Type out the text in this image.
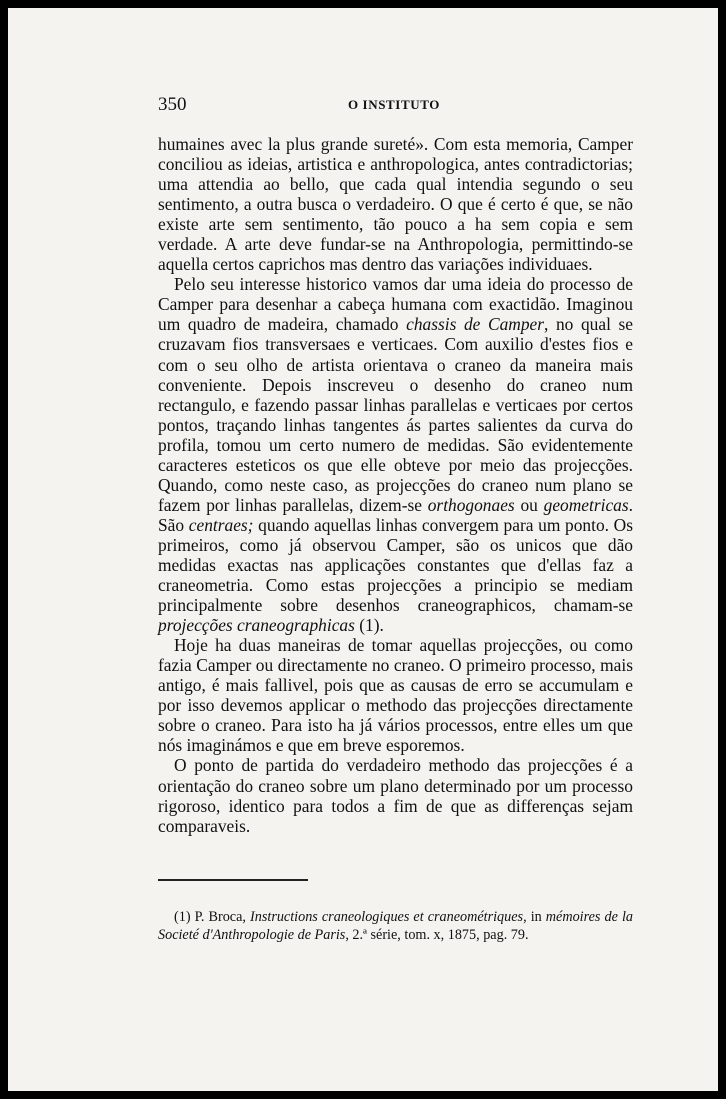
350	O INSTITUTO

humaines avec la plus grande sureté». Com esta memoria, Camper conciliou as ideias, artistica e anthropologica, antes contradictorias; uma attendia ao bello, que cada qual intendia segundo o seu sentimento, a outra busca o verdadeiro. O que é certo é que, se não existe arte sem sentimento, tão pouco a ha sem copia e sem verdade. A arte deve fundar-se na Anthropologia, permittindo-se aquella certos caprichos mas dentro das variações individuaes.

Pelo seu interesse historico vamos dar uma ideia do processo de Camper para desenhar a cabeça humana com exactidão. Imaginou um quadro de madeira, chamado chassis de Camper, no qual se cruzavam fios transversaes e verticaes. Com auxilio d'estes fios e com o seu olho de artista orientava o craneo da maneira mais conveniente. Depois inscreveu o desenho do craneo num rectangulo, e fazendo passar linhas parallelas e verticaes por certos pontos, traçando linhas tangentes ás partes salientes da curva do profila, tomou um certo numero de medidas. São evidentemente caracteres esteticos os que elle obteve por meio das projecções. Quando, como neste caso, as projecções do craneo num plano se fazem por linhas parallelas, dizem-se orthogonaes ou geometricas. São centraes; quando aquellas linhas convergem para um ponto. Os primeiros, como já observou Camper, são os unicos que dão medidas exactas nas applicações constantes que d'ellas faz a craneometria. Como estas projecções a principio se mediam principalmente sobre desenhos craneographicos, chamam-se projecções craneographicas (1).

Hoje ha duas maneiras de tomar aquellas projecções, ou como fazia Camper ou directamente no craneo. O primeiro processo, mais antigo, é mais fallivel, pois que as causas de erro se accumulam e por isso devemos applicar o methodo das projecções directamente sobre o craneo. Para isto ha já vários processos, entre elles um que nós imaginámos e que em breve esporemos.

O ponto de partida do verdadeiro methodo das projecções é a orientação do craneo sobre um plano determinado por um processo rigoroso, identico para todos a fim de que as differenças sejam comparaveis.

(1) P. Broca, Instructions craneologiques et craneométriques, in mémoires de la Societé d'Anthropologie de Paris, 2.ª série, tom. x, 1875, pag. 79.
